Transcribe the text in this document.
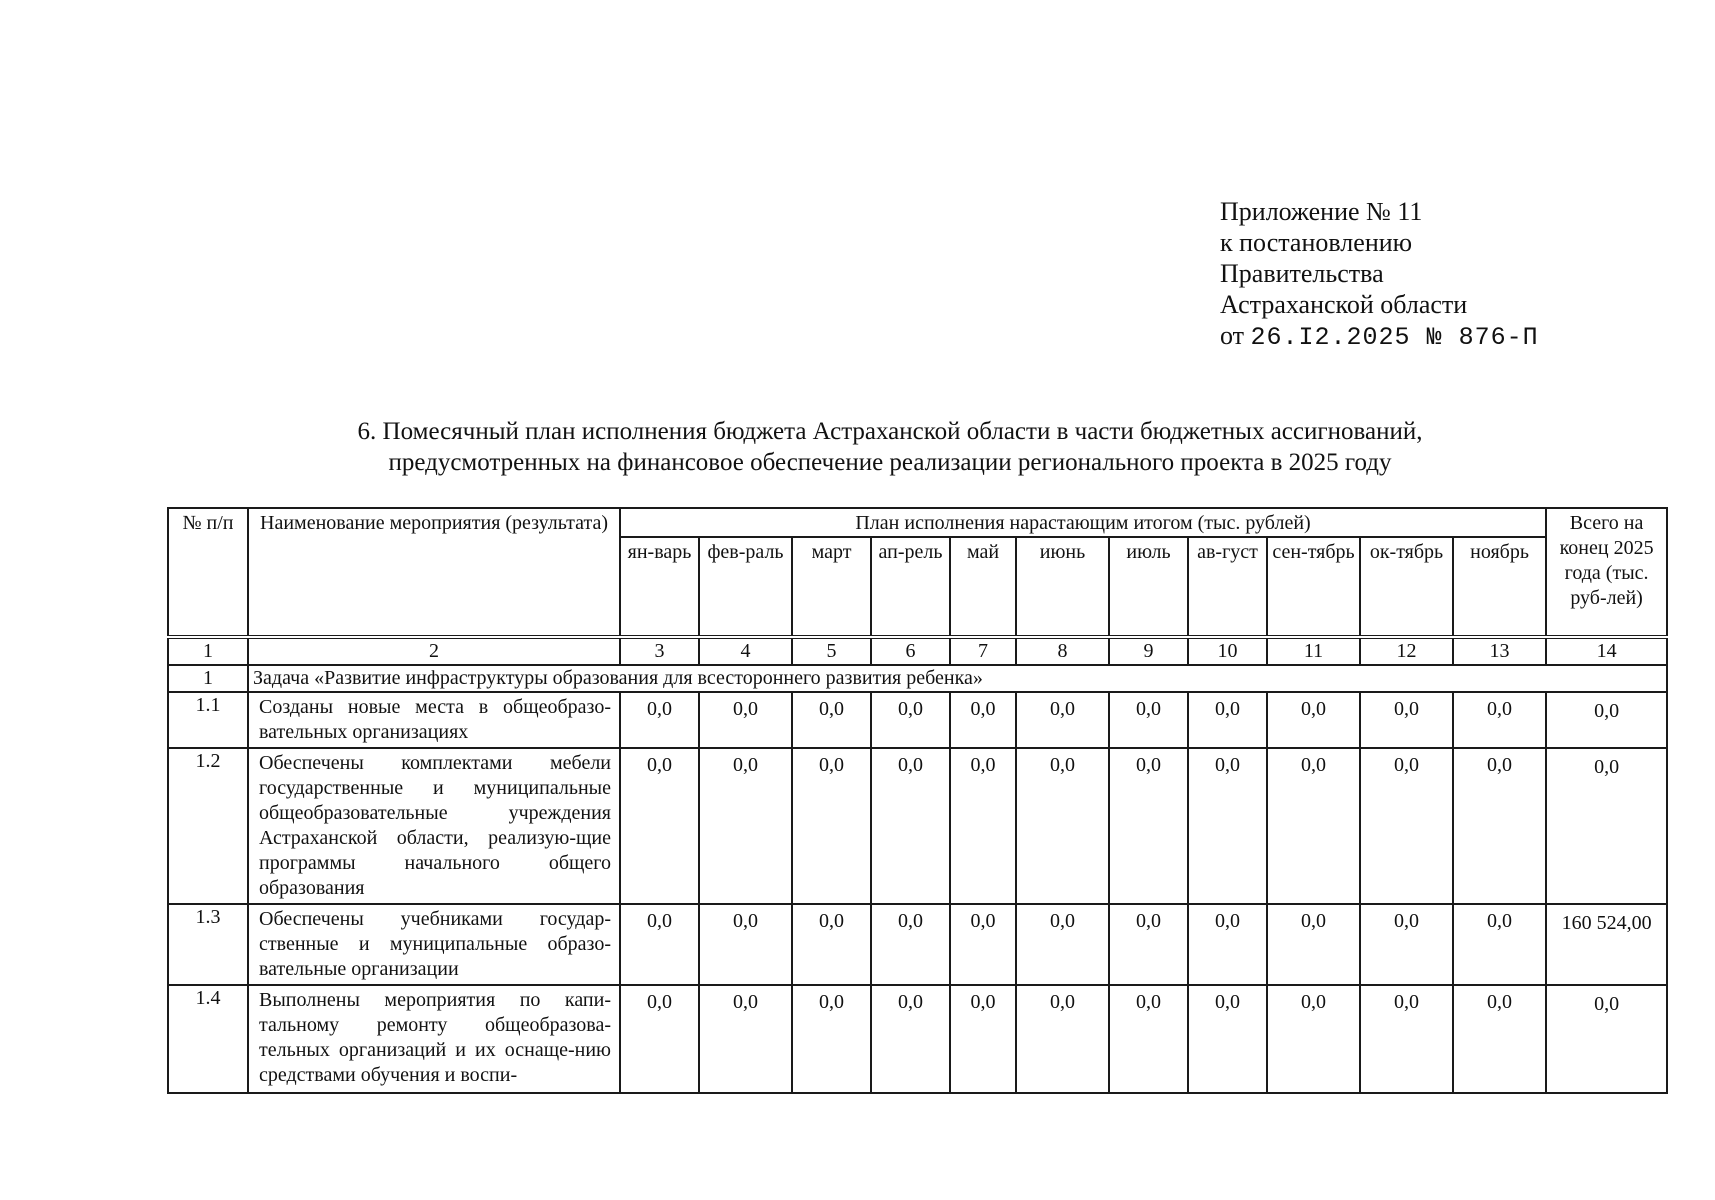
Приложение № 11
к постановлению
Правительства
Астраханской области
от 26.I2.2025 № 876-П
6. Помесячный план исполнения бюджета Астраханской области в части бюджетных ассигнований,
предусмотренных на финансовое обеспечение реализации регионального проекта в 2025 году
№ п/п	Наименование мероприятия (результата)	План исполнения нарастающим итогом (тыс. рублей)											Всего на конец 2025 года (тыс. руб-лей)
		ян-варь	фев-раль	март	ап-рель	май	июнь	июль	ав-густ	сен-тябрь	ок-тябрь	ноябрь	
1	2	3	4	5	6	7	8	9	10	11	12	13	14
1	Задача «Развитие инфраструктуры образования для всестороннего развития ребенка»												
1.1	Созданы новые места в общеобразо-вательных организациях	0,0	0,0	0,0	0,0	0,0	0,0	0,0	0,0	0,0	0,0	0,0	0,0
1.2	Обеспечены комплектами мебели государственные и муниципальные общеобразовательные учреждения Астраханской области, реализую-щие программы начального общего образования	0,0	0,0	0,0	0,0	0,0	0,0	0,0	0,0	0,0	0,0	0,0	0,0
1.3	Обеспечены учебниками государ-ственные и муниципальные образо-вательные организации	0,0	0,0	0,0	0,0	0,0	0,0	0,0	0,0	0,0	0,0	0,0	160 524,00
1.4	Выполнены мероприятия по капи-тальному ремонту общеобразова-тельных организаций и их оснаще-нию средствами обучения и воспи-	0,0	0,0	0,0	0,0	0,0	0,0	0,0	0,0	0,0	0,0	0,0	0,0
